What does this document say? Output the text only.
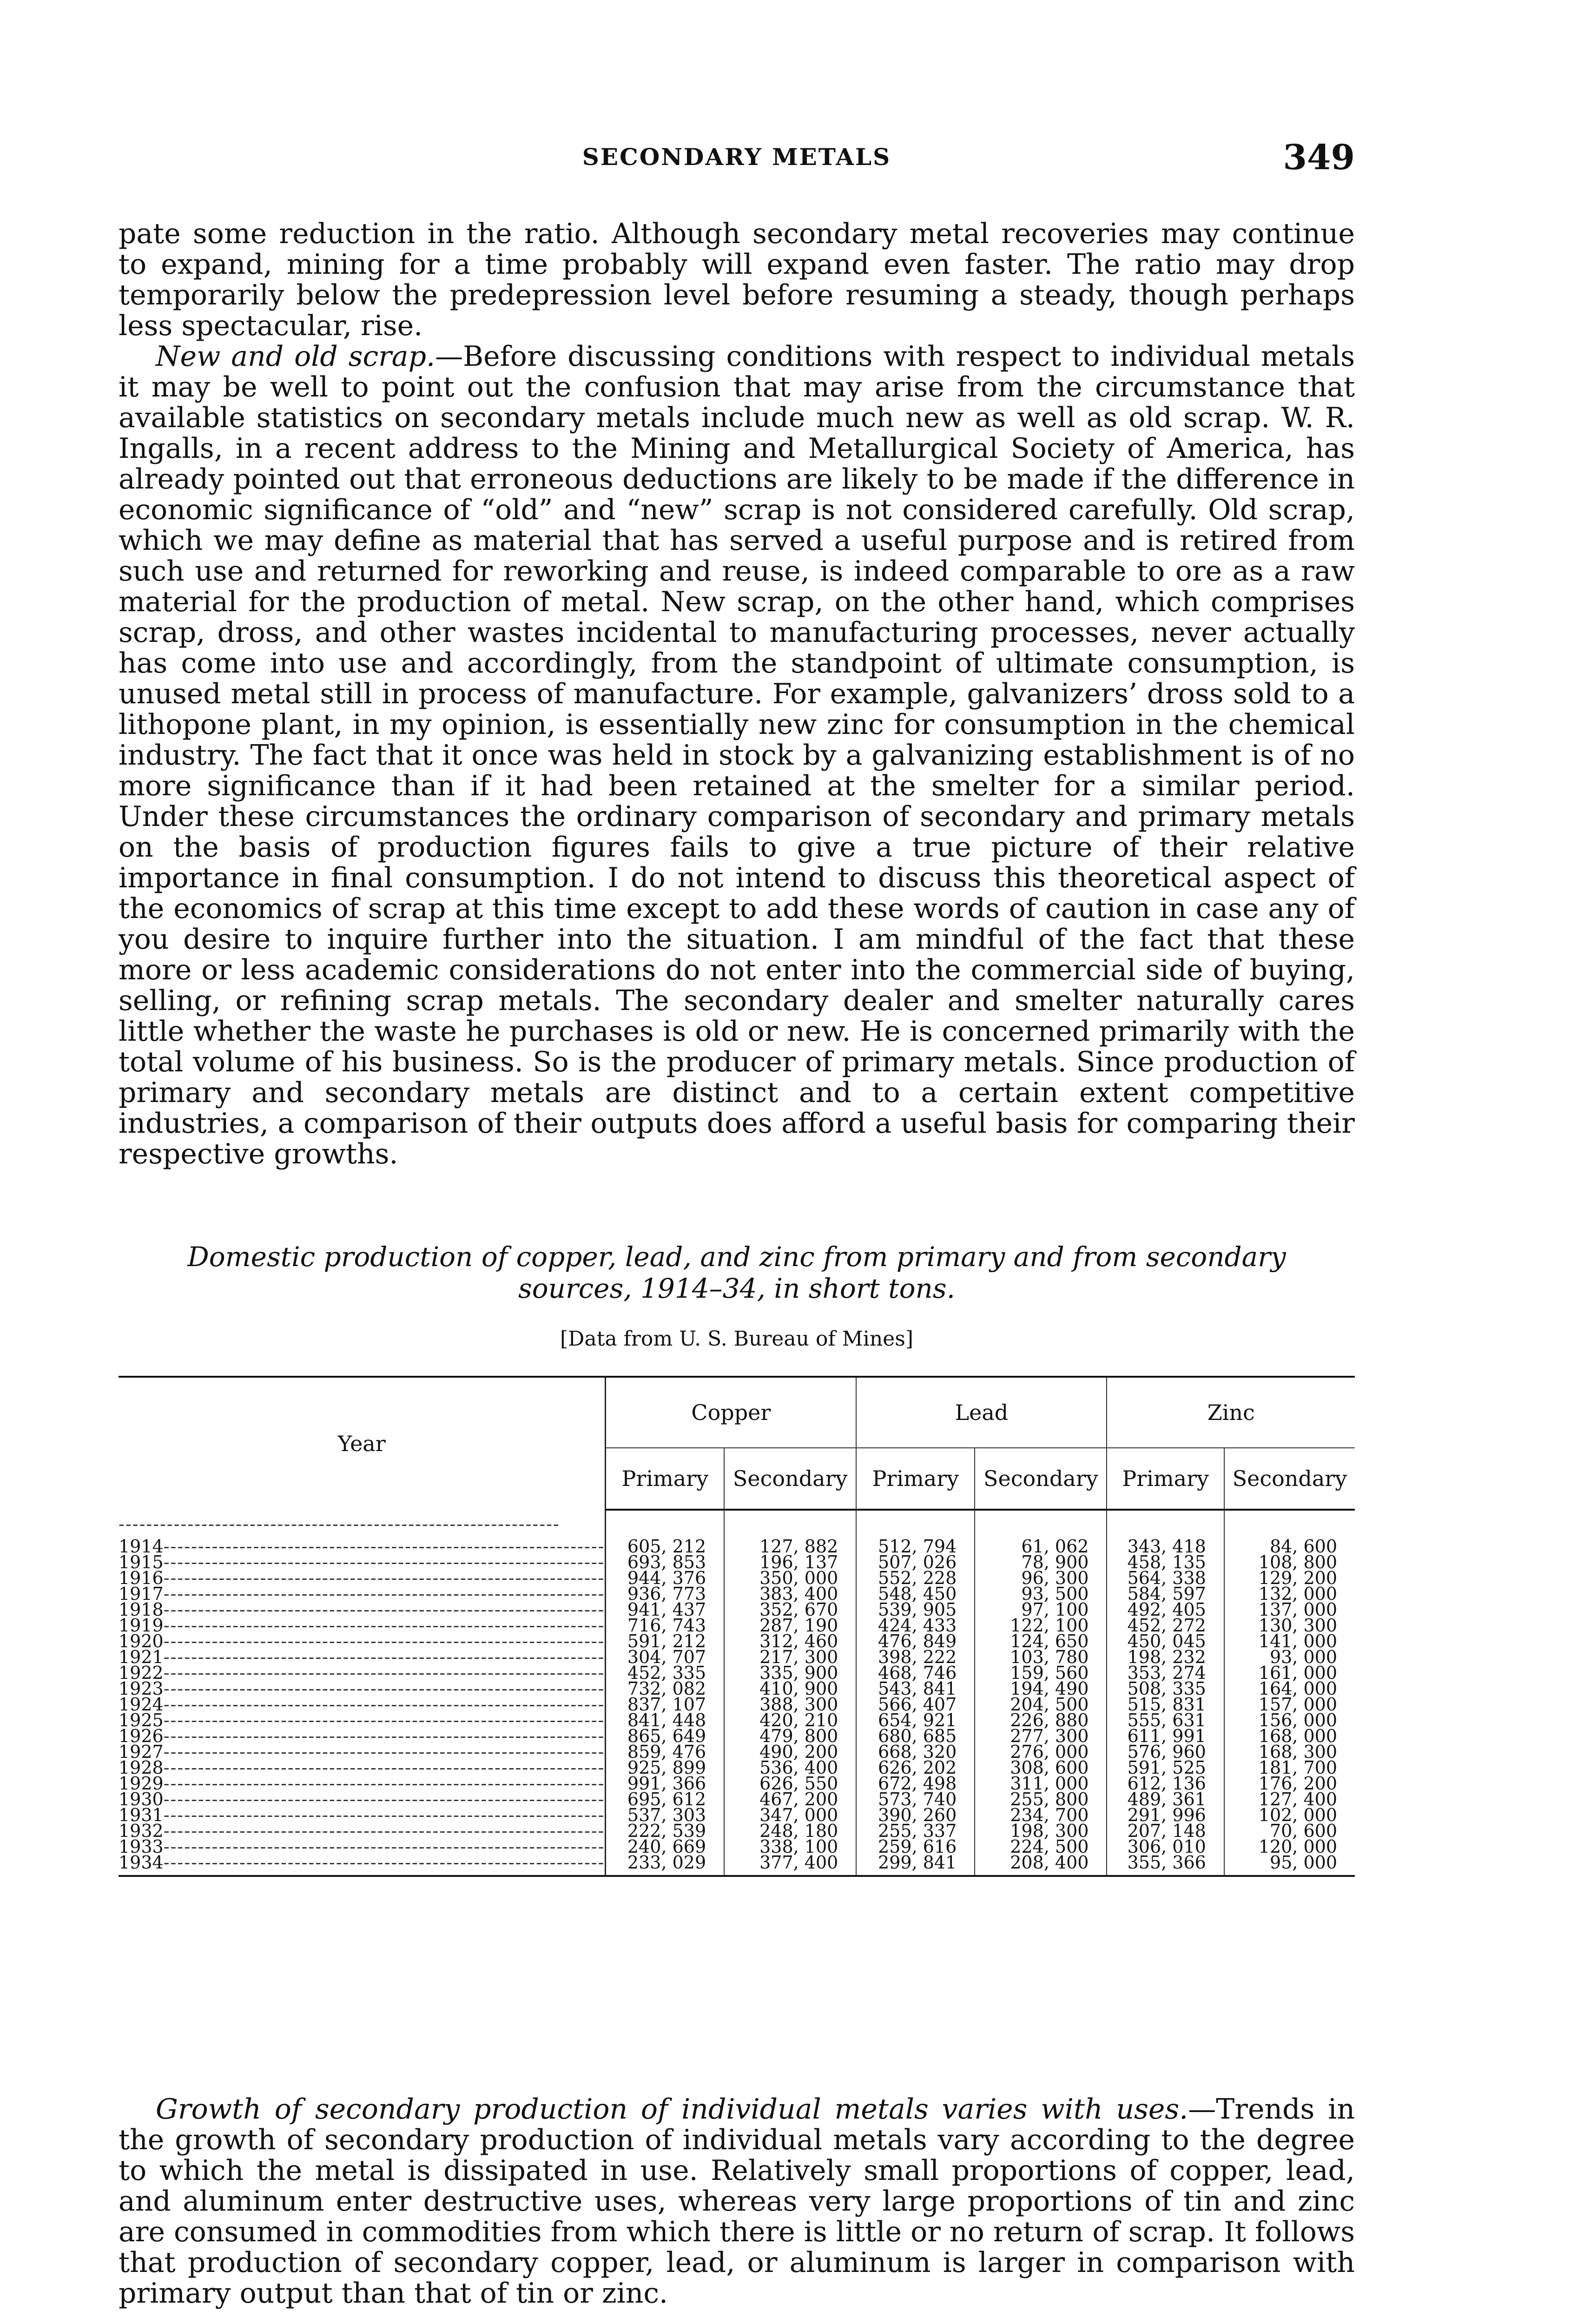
SECONDARY METALS	349

pate some reduction in the ratio. Although secondary metal recoveries may continue to expand, mining for a time probably will expand even faster. The ratio may drop temporarily below the predepression level before resuming a steady, though perhaps less spectacular, rise.

New and old scrap.—Before discussing conditions with respect to individual metals it may be well to point out the confusion that may arise from the circumstance that available statistics on secondary metals include much new as well as old scrap. W. R. Ingalls, in a recent address to the Mining and Metallurgical Society of America, has already pointed out that erroneous deductions are likely to be made if the difference in economic significance of “old” and “new” scrap is not considered carefully. Old scrap, which we may define as material that has served a useful purpose and is retired from such use and returned for reworking and reuse, is indeed comparable to ore as a raw material for the production of metal. New scrap, on the other hand, which comprises scrap, dross, and other wastes incidental to manufacturing processes, never actually has come into use and accordingly, from the standpoint of ultimate consumption, is unused metal still in process of manufacture. For example, galvanizers’ dross sold to a lithopone plant, in my opinion, is essentially new zinc for consumption in the chemical industry. The fact that it once was held in stock by a galvanizing establishment is of no more significance than if it had been retained at the smelter for a similar period. Under these circumstances the ordinary comparison of secondary and primary metals on the basis of production figures fails to give a true picture of their relative importance in final consumption. I do not intend to discuss this theoretical aspect of the economics of scrap at this time except to add these words of caution in case any of you desire to inquire further into the situation. I am mindful of the fact that these more or less academic considerations do not enter into the commercial side of buying, selling, or refining scrap metals. The secondary dealer and smelter naturally cares little whether the waste he purchases is old or new. He is concerned primarily with the total volume of his business. So is the producer of primary metals. Since production of primary and secondary metals are distinct and to a certain extent competitive industries, a comparison of their outputs does afford a useful basis for comparing their respective growths.

Domestic production of copper, lead, and zinc from primary and from secondary
sources, 1914–34, in short tons.
[Data from U. S. Bureau of Mines]
Year	Copper		Lead		Zinc	
	Primary	Secondary	Primary	Secondary	Primary	Secondary

1914 -----	605, 212	127, 882	512, 794	61, 062	343, 418	84, 600
1915 -----	693, 853	196, 137	507, 026	78, 900	458, 135	108, 800
1916 -----	944, 376	350, 000	552, 228	96, 300	564, 338	129, 200
1917 -----	936, 773	383, 400	548, 450	93, 500	584, 597	132, 000
1918 -----	941, 437	352, 670	539, 905	97, 100	492, 405	137, 000
1919 -----	716, 743	287, 190	424, 433	122, 100	452, 272	130, 300
1920 -----	591, 212	312, 460	476, 849	124, 650	450, 045	141, 000
1921 -----	304, 707	217, 300	398, 222	103, 780	198, 232	93, 000
1922 -----	452, 335	335, 900	468, 746	159, 560	353, 274	161, 000
1923 -----	732, 082	410, 900	543, 841	194, 490	508, 335	164, 000
1924 -----	837, 107	388, 300	566, 407	204, 500	515, 831	157, 000
1925 -----	841, 448	420, 210	654, 921	226, 880	555, 631	156, 000
1926 -----	865, 649	479, 800	680, 685	277, 300	611, 991	168, 000
1927 -----	859, 476	490, 200	668, 320	276, 000	576, 960	168, 300
1928 -----	925, 899	536, 400	626, 202	308, 600	591, 525	181, 700
1929 -----	991, 366	626, 550	672, 498	311, 000	612, 136	176, 200
1930 -----	695, 612	467, 200	573, 740	255, 800	489, 361	127, 400
1931 -----	537, 303	347, 000	390, 260	234, 700	291, 996	102, 000
1932 -----	222, 539	248, 180	255, 337	198, 300	207, 148	70, 600
1933 -----	240, 669	338, 100	259, 616	224, 500	306, 010	120, 000
1934 -----	233, 029	377, 400	299, 841	208, 400	355, 366	95, 000

Growth of secondary production of individual metals varies with uses.—Trends in the growth of secondary production of individual metals vary according to the degree to which the metal is dissipated in use. Relatively small proportions of copper, lead, and aluminum enter destructive uses, whereas very large proportions of tin and zinc are consumed in commodities from which there is little or no return of scrap. It follows that production of secondary copper, lead, or aluminum is larger in comparison with primary output than that of tin or zinc.
